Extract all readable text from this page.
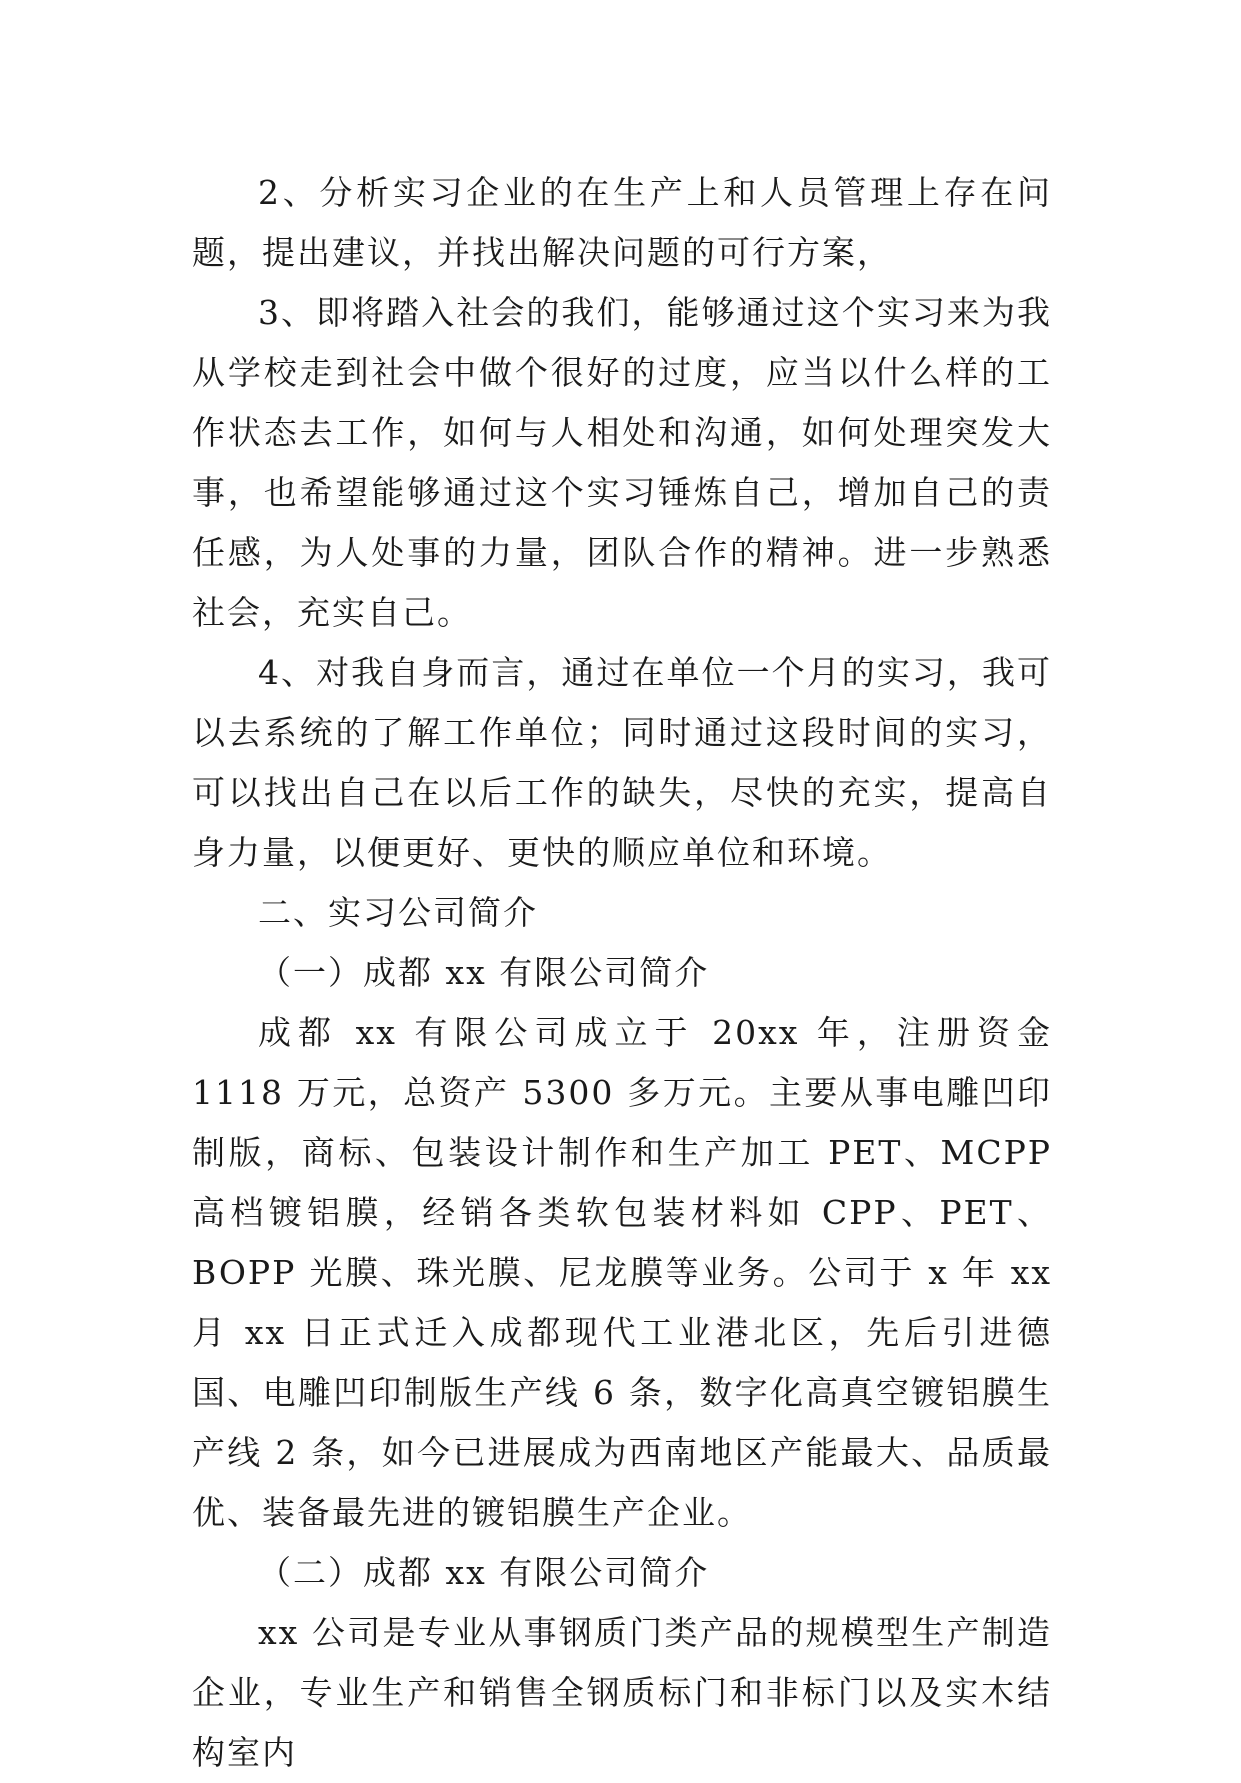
2、分析实习企业的在生产上和人员管理上存在问题，提出建议，并找出解决问题的可行方案，

3、即将踏入社会的我们，能够通过这个实习来为我从学校走到社会中做个很好的过度，应当以什么样的工作状态去工作，如何与人相处和沟通，如何处理突发大事，也希望能够通过这个实习锤炼自己，增加自己的责任感，为人处事的力量，团队合作的精神。进一步熟悉社会，充实自己。

4、对我自身而言，通过在单位一个月的实习，我可以去系统的了解工作单位；同时通过这段时间的实习，可以找出自己在以后工作的缺失，尽快的充实，提高自身力量，以便更好、更快的顺应单位和环境。

二、实习公司简介

（一）成都 xx 有限公司简介

成都 xx 有限公司成立于 20xx 年，注册资金 1118 万元，总资产 5300 多万元。主要从事电雕凹印制版，商标、包装设计制作和生产加工 PET、MCPP 高档镀铝膜，经销各类软包装材料如 CPP、PET、BOPP 光膜、珠光膜、尼龙膜等业务。公司于 x 年 xx 月 xx 日正式迁入成都现代工业港北区，先后引进德国、电雕凹印制版生产线 6 条，数字化高真空镀铝膜生产线 2 条，如今已进展成为西南地区产能最大、品质最优、装备最先进的镀铝膜生产企业。

（二）成都 xx 有限公司简介

xx 公司是专业从事钢质门类产品的规模型生产制造企业，专业生产和销售全钢质标门和非标门以及实木结构室内
